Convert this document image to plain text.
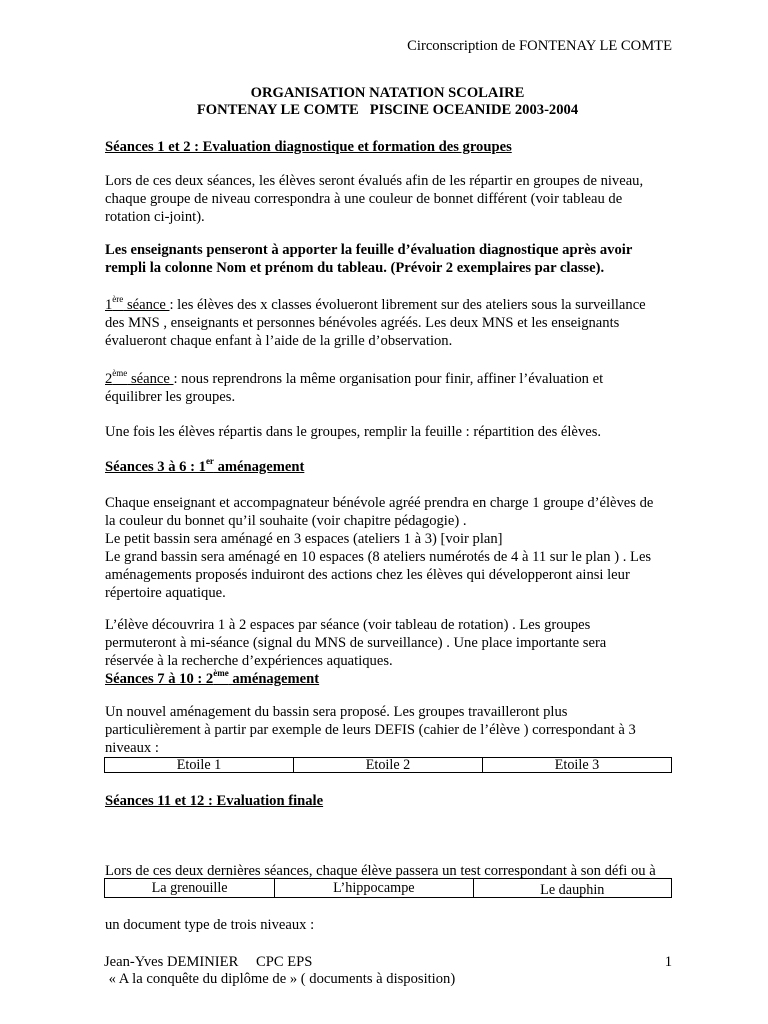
Circonscription de FONTENAY LE COMTE
ORGANISATION NATATION SCOLAIRE
FONTENAY LE COMTE   PISCINE OCEANIDE 2003-2004
Séances 1 et 2 : Evaluation diagnostique et formation des groupes
Lors de ces deux séances, les élèves seront évalués afin de les répartir en groupes de niveau,
chaque groupe de niveau correspondra à une couleur de bonnet différent (voir tableau de
rotation ci-joint).
Les enseignants penseront à apporter la feuille d’évaluation diagnostique après avoir
rempli la colonne Nom et prénom du tableau. (Prévoir 2 exemplaires par classe).
1ère séance : les élèves des x classes évolueront librement sur des ateliers sous la surveillance
des MNS , enseignants et personnes bénévoles agréés. Les deux MNS et les enseignants
évalueront chaque enfant à l’aide de la grille d’observation.
2ème séance : nous reprendrons la même organisation pour finir, affiner l’évaluation et
équilibrer les groupes.
Une fois les élèves répartis dans le groupes, remplir la feuille : répartition des élèves.
Séances 3 à 6 : 1er aménagement
Chaque enseignant et accompagnateur bénévole agréé prendra en charge 1 groupe d’élèves de
la couleur du bonnet qu’il souhaite (voir chapitre pédagogie) .
Le petit bassin sera aménagé en 3 espaces (ateliers 1 à 3) [voir plan]
Le grand bassin sera aménagé en 10 espaces (8 ateliers numérotés de 4 à 11 sur le plan ) . Les
aménagements proposés induiront des actions chez les élèves qui développeront ainsi leur
répertoire aquatique.
L’élève découvrira 1 à 2 espaces par séance (voir tableau de rotation) . Les groupes
permuteront à mi-séance (signal du MNS de surveillance) . Une place importante sera
réservée à la recherche d’expériences aquatiques.
Séances 7 à 10 : 2ème aménagement
Un nouvel aménagement du bassin sera proposé. Les groupes travailleront plus
particulièrement à partir par exemple de leurs DEFIS (cahier de l’élève ) correspondant à 3
niveaux :
Etoile 1	Etoile 2	Etoile 3
Séances 11 et 12 : Evaluation finale

Lors de ces deux dernières séances, chaque élève passera un test correspondant à son défi ou à

un document type de trois niveaux :

« A la conquête du diplôme de » ( documents à disposition)

La grenouille	L’hippocampe	Le dauphin
Jean-Yves DEMINIER CPC EPS	1
